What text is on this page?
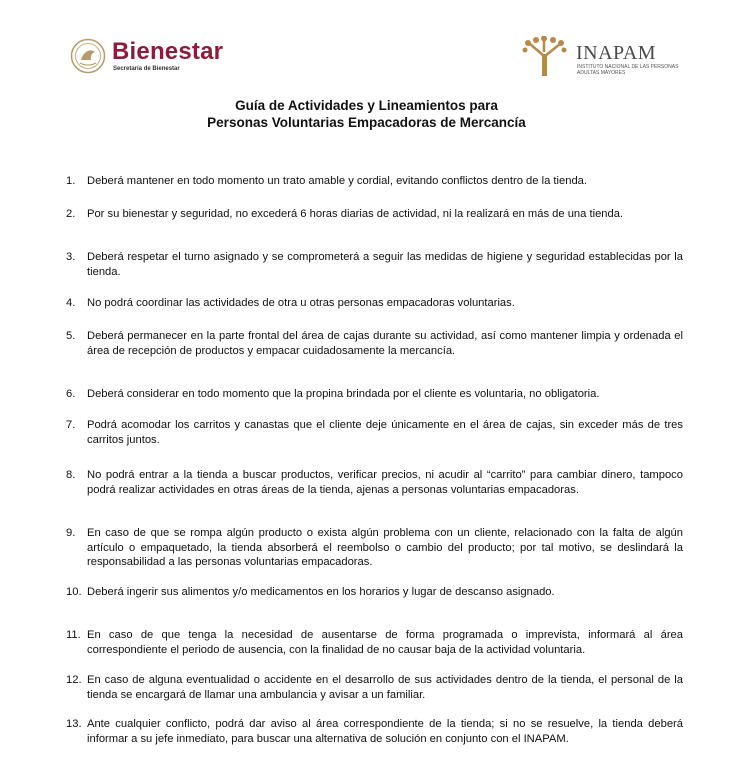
Bienestar
Secretaría de Bienestar
INAPAM
INSTITUTO NACIONAL DE LAS PERSONAS ADULTAS MAYORES
Guía de Actividades y Lineamientos para
Personas Voluntarias Empacadoras de Mercancía
1.	Deberá mantener en todo momento un trato amable y cordial, evitando conflictos dentro de la tienda.
2.	Por su bienestar y seguridad, no excederá 6 horas diarias de actividad, ni la realizará en más de una tienda.
3.	Deberá respetar el turno asignado y se comprometerá a seguir las medidas de higiene y seguridad establecidas por la tienda.
4.	No podrá coordinar las actividades de otra u otras personas empacadoras voluntarias.
5.	Deberá permanecer en la parte frontal del área de cajas durante su actividad, así como mantener limpia y ordenada el área de recepción de productos y empacar cuidadosamente la mercancía.
6.	Deberá considerar en todo momento que la propina brindada por el cliente es voluntaria, no obligatoria.
7.	Podrá acomodar los carritos y canastas que el cliente deje únicamente en el área de cajas, sin exceder más de tres carritos juntos.
8.	No podrá entrar a la tienda a buscar productos, verificar precios, ni acudir al “carrito” para cambiar dinero, tampoco podrá realizar actividades en otras áreas de la tienda, ajenas a personas voluntarias empacadoras.
9.	En caso de que se rompa algún producto o exista algún problema con un cliente, relacionado con la falta de algún artículo o empaquetado, la tienda absorberá el reembolso o cambio del producto; por tal motivo, se deslindará la responsabilidad a las personas voluntarias empacadoras.
10. Deberá ingerir sus alimentos y/o medicamentos en los horarios y lugar de descanso asignado.
11. En caso de que tenga la necesidad de ausentarse de forma programada o imprevista, informará al área correspondiente el periodo de ausencia, con la finalidad de no causar baja de la actividad voluntaria.
12. En caso de alguna eventualidad o accidente en el desarrollo de sus actividades dentro de la tienda, el personal de la tienda se encargará de llamar una ambulancia y avisar a un familiar.
13. Ante cualquier conflicto, podrá dar aviso al área correspondiente de la tienda; si no se resuelve, la tienda deberá informar a su jefe inmediato, para buscar una alternativa de solución en conjunto con el INAPAM.
